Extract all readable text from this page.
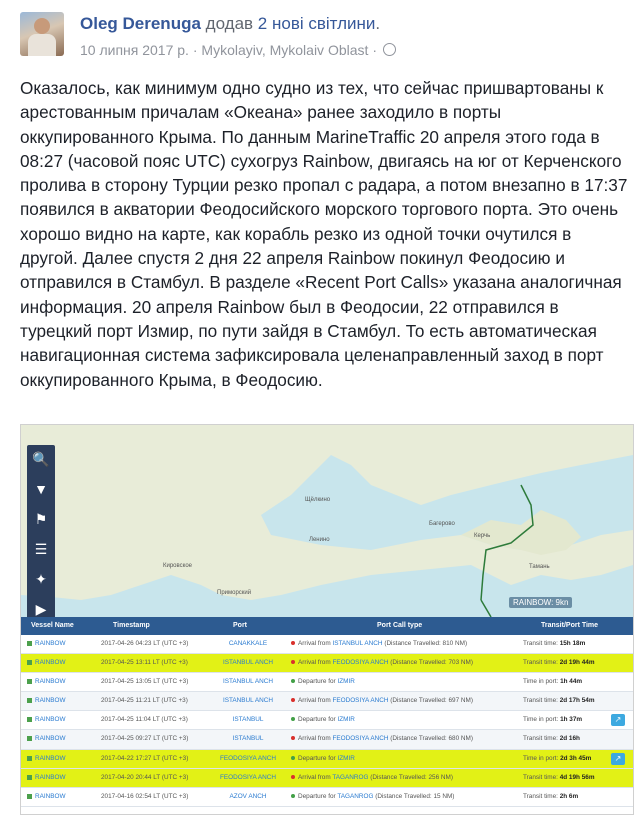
Oleg Derenuga додав 2 нові світлини.
10 липня 2017 р. · Mykolayiv, Mykolaiv Oblast ·

Оказалось, как минимум одно судно из тех, что сейчас пришвартованы к арестованным причалам «Океана» ранее заходило в порты оккупированного Крыма. По данным MarineTraffic 20 апреля этого года в 08:27 (часовой пояс UTC) сухогруз Rainbow, двигаясь на юг от Керченского пролива в сторону Турции резко пропал с радара, а потом внезапно в 17:37 появился в акватории Феодосийского морского торгового порта. Это очень хорошо видно на карте, как корабль резко из одной точки очутился в другой. Далее спустя 2 дня 22 апреля Rainbow покинул Феодосию и отправился в Стамбул. В разделе «Recent Port Calls» указана аналогичная информация. 20 апреля Rainbow был в Феодосии, 22 отправился в турецкий порт Измир, по пути зайдя в Стамбул. То есть автоматическая навигационная система зафиксировала целенаправленный заход в порт оккупированного Крыма, в Феодосию.

🔍
▼
⚑
☰
✦
▶
Щёлкино
Багерово
Керчь
Ленино
Приморский
Кировское	Тамань
RAINBOW: 9kn
Vessel Name	Timestamp	Port	Port Call type	Transit/Port Time
RAINBOW	2017-04-26 04:23 LT (UTC +3)	CANAKKALE	Arrival from ISTANBUL ANCH (Distance Travelled: 810 NM)	Transit time: 15h 18m
RAINBOW	2017-04-25 13:11 LT (UTC +3)	ISTANBUL ANCH	Arrival from FEODOSIYA ANCH (Distance Travelled: 703 NM)	Transit time: 2d 19h 44m
RAINBOW	2017-04-25 13:05 LT (UTC +3)	ISTANBUL ANCH	Departure for IZMIR	Time in port: 1h 44m
RAINBOW	2017-04-25 11:21 LT (UTC +3)	ISTANBUL ANCH	Arrival from FEODOSIYA ANCH (Distance Travelled: 697 NM)	Transit time: 2d 17h 54m
RAINBOW	2017-04-25 11:04 LT (UTC +3)	ISTANBUL	Departure for IZMIR	Time in port: 1h 37m	↗
RAINBOW	2017-04-25 09:27 LT (UTC +3)	ISTANBUL	Arrival from FEODOSIYA ANCH (Distance Travelled: 680 NM)	Transit time: 2d 16h
RAINBOW	2017-04-22 17:27 LT (UTC +3)	FEODOSIYA ANCH	Departure for IZMIR	Time in port: 2d 3h 45m	↗
RAINBOW	2017-04-20 20:44 LT (UTC +3)	FEODOSIYA ANCH	Arrival from TAGANROG (Distance Travelled: 256 NM)	Transit time: 4d 19h 56m
RAINBOW	2017-04-16 02:54 LT (UTC +3)	AZOV ANCH	Departure for TAGANROG (Distance Travelled: 15 NM)	Transit time: 2h 6m
